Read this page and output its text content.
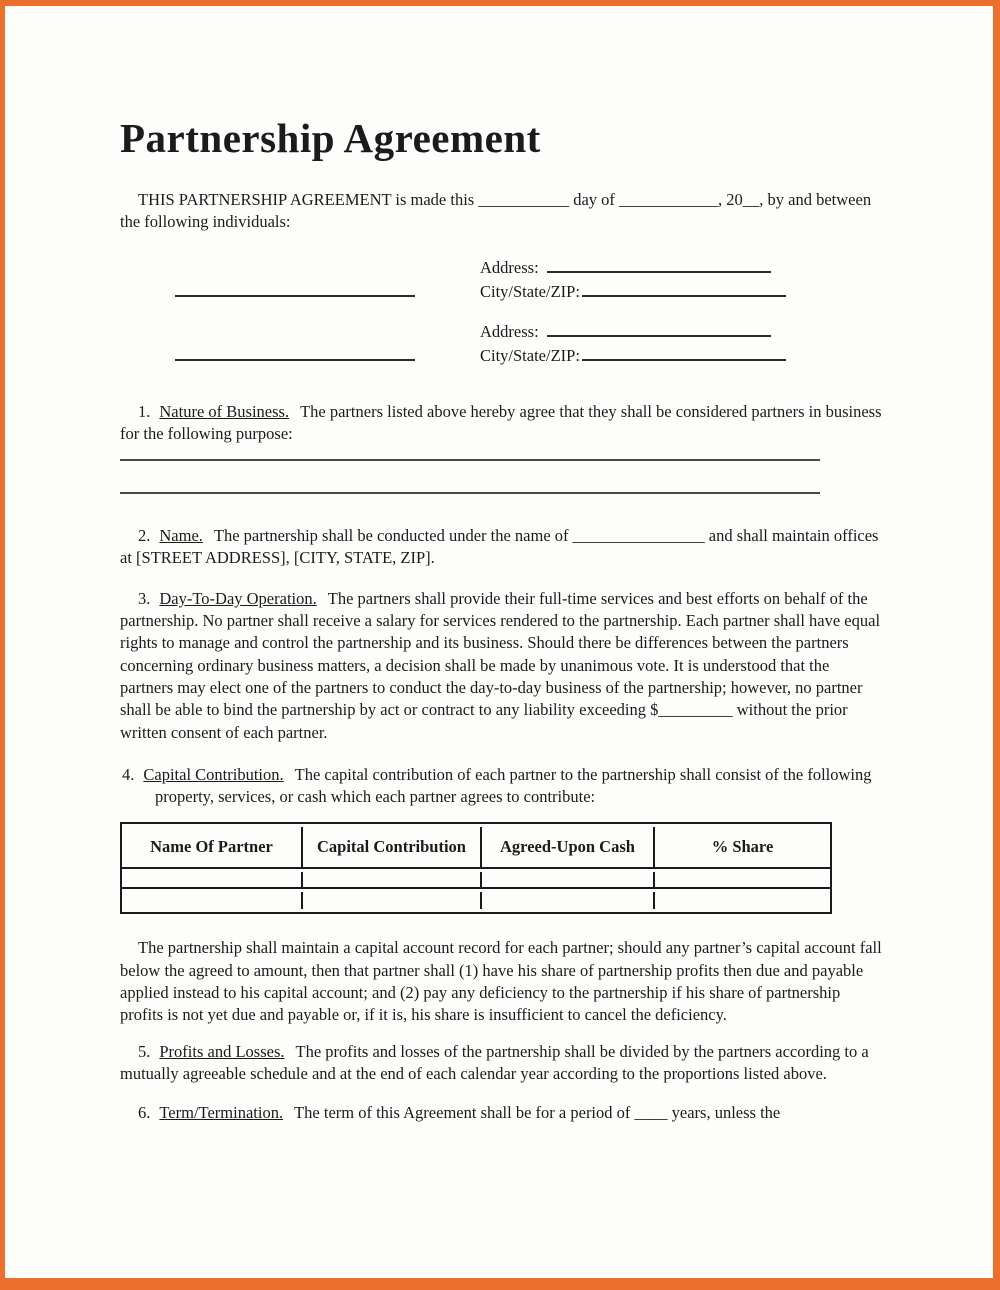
Partnership Agreement

THIS PARTNERSHIP AGREEMENT is made this ___________ day of ____________, 20__, by and between the following individuals:

Address:
City/State/ZIP:
Address:
City/State/ZIP:

1. Nature of Business. The partners listed above hereby agree that they shall be considered partners in business for the following purpose:

2. Name. The partnership shall be conducted under the name of ________________ and shall maintain offices at [STREET ADDRESS], [CITY, STATE, ZIP].

3. Day-To-Day Operation. The partners shall provide their full-time services and best efforts on behalf of the partnership. No partner shall receive a salary for services rendered to the partnership. Each partner shall have equal rights to manage and control the partnership and its business. Should there be differences between the partners concerning ordinary business matters, a decision shall be made by unanimous vote. It is understood that the partners may elect one of the partners to conduct the day-to-day business of the partnership; however, no partner shall be able to bind the partnership by act or contract to any liability exceeding $_________ without the prior written consent of each partner.

4. Capital Contribution. The capital contribution of each partner to the partnership shall consist of the following property, services, or cash which each partner agrees to contribute:

Name Of Partner	Capital Contribution	Agreed-Upon Cash	% Share

The partnership shall maintain a capital account record for each partner; should any partner’s capital account fall below the agreed to amount, then that partner shall (1) have his share of partnership profits then due and payable applied instead to his capital account; and (2) pay any deficiency to the partnership if his share of partnership profits is not yet due and payable or, if it is, his share is insufficient to cancel the deficiency.

5. Profits and Losses. The profits and losses of the partnership shall be divided by the partners according to a mutually agreeable schedule and at the end of each calendar year according to the proportions listed above.

6. Term/Termination. The term of this Agreement shall be for a period of ____ years, unless the
